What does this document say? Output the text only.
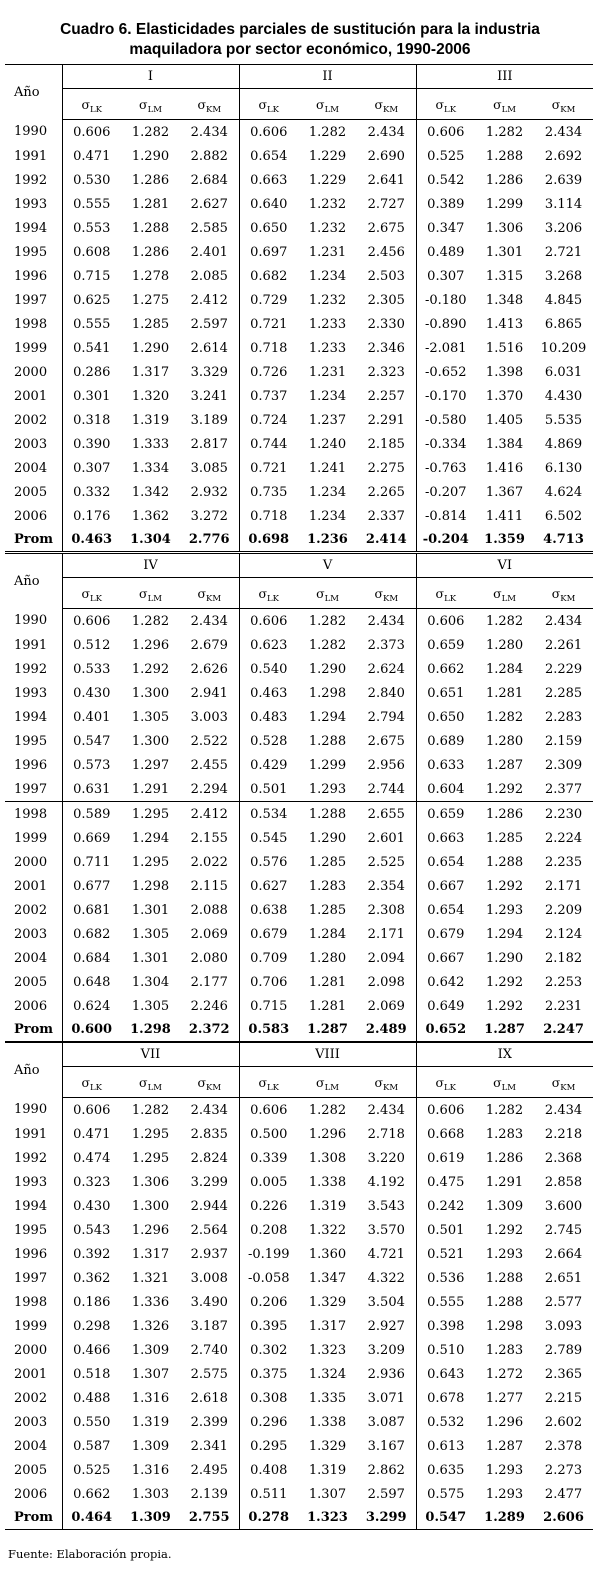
Cuadro 6. Elasticidades parciales de sustitución para la industria
maquiladora por sector económico, 1990-2006
Año	I			II			III		
	$\sigma_{LK}$	$\sigma_{LM}$	$\sigma_{KM}$	$\sigma_{LK}$	$\sigma_{LM}$	$\sigma_{KM}$	$\sigma_{LK}$	$\sigma_{LM}$	$\sigma_{KM}$
1990	0.606	1.282	2.434	0.606	1.282	2.434	0.606	1.282	2.434
1991	0.471	1.290	2.882	0.654	1.229	2.690	0.525	1.288	2.692
1992	0.530	1.286	2.684	0.663	1.229	2.641	0.542	1.286	2.639
1993	0.555	1.281	2.627	0.640	1.232	2.727	0.389	1.299	3.114
1994	0.553	1.288	2.585	0.650	1.232	2.675	0.347	1.306	3.206
1995	0.608	1.286	2.401	0.697	1.231	2.456	0.489	1.301	2.721
1996	0.715	1.278	2.085	0.682	1.234	2.503	0.307	1.315	3.268
1997	0.625	1.275	2.412	0.729	1.232	2.305	-0.180	1.348	4.845
1998	0.555	1.285	2.597	0.721	1.233	2.330	-0.890	1.413	6.865
1999	0.541	1.290	2.614	0.718	1.233	2.346	-2.081	1.516	10.209
2000	0.286	1.317	3.329	0.726	1.231	2.323	-0.652	1.398	6.031
2001	0.301	1.320	3.241	0.737	1.234	2.257	-0.170	1.370	4.430
2002	0.318	1.319	3.189	0.724	1.237	2.291	-0.580	1.405	5.535
2003	0.390	1.333	2.817	0.744	1.240	2.185	-0.334	1.384	4.869
2004	0.307	1.334	3.085	0.721	1.241	2.275	-0.763	1.416	6.130
2005	0.332	1.342	2.932	0.735	1.234	2.265	-0.207	1.367	4.624
2006	0.176	1.362	3.272	0.718	1.234	2.337	-0.814	1.411	6.502
Prom	0.463	1.304	2.776	0.698	1.236	2.414	-0.204	1.359	4.713
Año	IV			V			VI		
	$\sigma_{LK}$	$\sigma_{LM}$	$\sigma_{KM}$	$\sigma_{LK}$	$\sigma_{LM}$	$\sigma_{KM}$	$\sigma_{LK}$	$\sigma_{LM}$	$\sigma_{KM}$
1990	0.606	1.282	2.434	0.606	1.282	2.434	0.606	1.282	2.434
1991	0.512	1.296	2.679	0.623	1.282	2.373	0.659	1.280	2.261
1992	0.533	1.292	2.626	0.540	1.290	2.624	0.662	1.284	2.229
1993	0.430	1.300	2.941	0.463	1.298	2.840	0.651	1.281	2.285
1994	0.401	1.305	3.003	0.483	1.294	2.794	0.650	1.282	2.283
1995	0.547	1.300	2.522	0.528	1.288	2.675	0.689	1.280	2.159
1996	0.573	1.297	2.455	0.429	1.299	2.956	0.633	1.287	2.309
1997	0.631	1.291	2.294	0.501	1.293	2.744	0.604	1.292	2.377
1998	0.589	1.295	2.412	0.534	1.288	2.655	0.659	1.286	2.230
1999	0.669	1.294	2.155	0.545	1.290	2.601	0.663	1.285	2.224
2000	0.711	1.295	2.022	0.576	1.285	2.525	0.654	1.288	2.235
2001	0.677	1.298	2.115	0.627	1.283	2.354	0.667	1.292	2.171
2002	0.681	1.301	2.088	0.638	1.285	2.308	0.654	1.293	2.209
2003	0.682	1.305	2.069	0.679	1.284	2.171	0.679	1.294	2.124
2004	0.684	1.301	2.080	0.709	1.280	2.094	0.667	1.290	2.182
2005	0.648	1.304	2.177	0.706	1.281	2.098	0.642	1.292	2.253
2006	0.624	1.305	2.246	0.715	1.281	2.069	0.649	1.292	2.231
Prom	0.600	1.298	2.372	0.583	1.287	2.489	0.652	1.287	2.247
Año	VII			VIII			IX		
	$\sigma_{LK}$	$\sigma_{LM}$	$\sigma_{KM}$	$\sigma_{LK}$	$\sigma_{LM}$	$\sigma_{KM}$	$\sigma_{LK}$	$\sigma_{LM}$	$\sigma_{KM}$
1990	0.606	1.282	2.434	0.606	1.282	2.434	0.606	1.282	2.434
1991	0.471	1.295	2.835	0.500	1.296	2.718	0.668	1.283	2.218
1992	0.474	1.295	2.824	0.339	1.308	3.220	0.619	1.286	2.368
1993	0.323	1.306	3.299	0.005	1.338	4.192	0.475	1.291	2.858
1994	0.430	1.300	2.944	0.226	1.319	3.543	0.242	1.309	3.600
1995	0.543	1.296	2.564	0.208	1.322	3.570	0.501	1.292	2.745
1996	0.392	1.317	2.937	-0.199	1.360	4.721	0.521	1.293	2.664
1997	0.362	1.321	3.008	-0.058	1.347	4.322	0.536	1.288	2.651
1998	0.186	1.336	3.490	0.206	1.329	3.504	0.555	1.288	2.577
1999	0.298	1.326	3.187	0.395	1.317	2.927	0.398	1.298	3.093
2000	0.466	1.309	2.740	0.302	1.323	3.209	0.510	1.283	2.789
2001	0.518	1.307	2.575	0.375	1.324	2.936	0.643	1.272	2.365
2002	0.488	1.316	2.618	0.308	1.335	3.071	0.678	1.277	2.215
2003	0.550	1.319	2.399	0.296	1.338	3.087	0.532	1.296	2.602
2004	0.587	1.309	2.341	0.295	1.329	3.167	0.613	1.287	2.378
2005	0.525	1.316	2.495	0.408	1.319	2.862	0.635	1.293	2.273
2006	0.662	1.303	2.139	0.511	1.307	2.597	0.575	1.293	2.477
Prom	0.464	1.309	2.755	0.278	1.323	3.299	0.547	1.289	2.606
Fuente: Elaboración propia.
